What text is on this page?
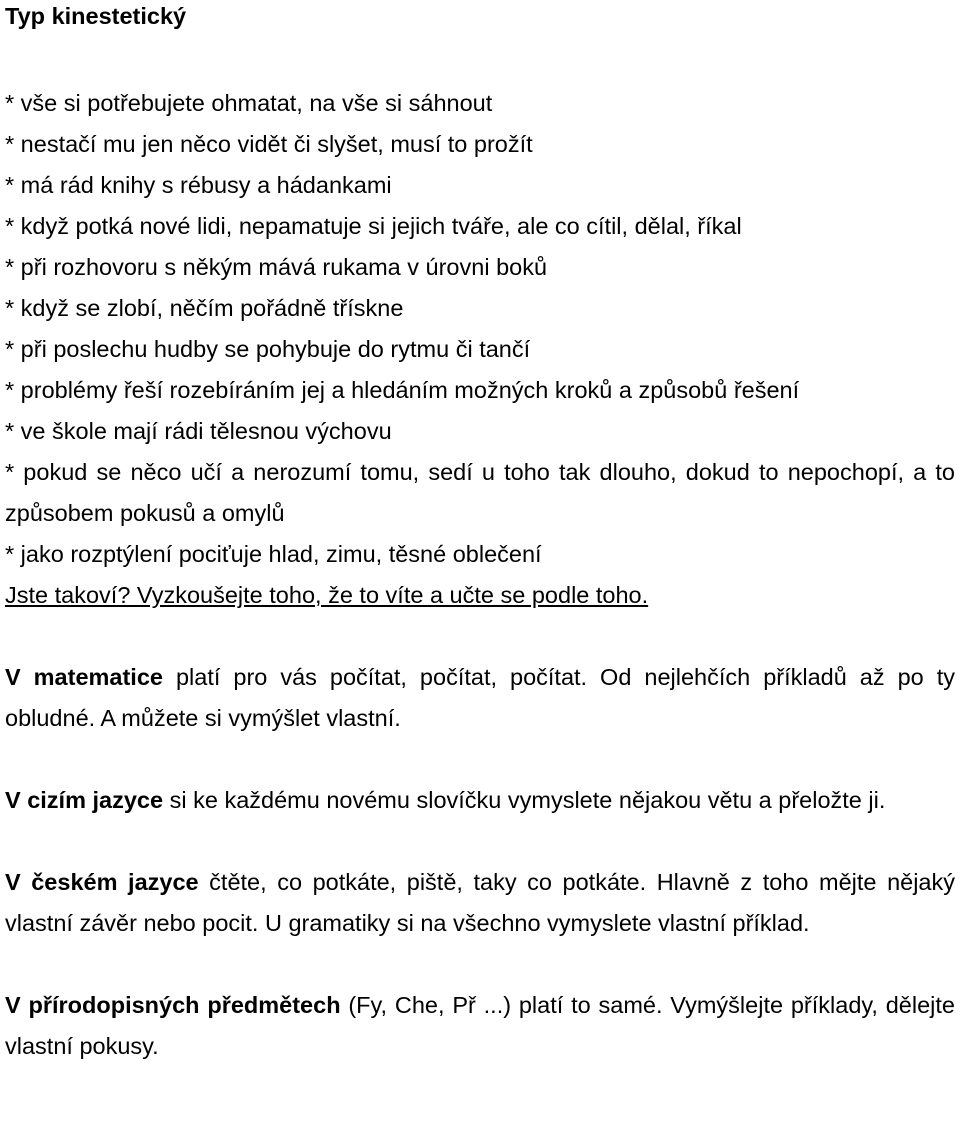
Typ kinestetický
* vše si potřebujete ohmatat, na vše si sáhnout
* nestačí mu jen něco vidět či slyšet, musí to prožít
* má rád knihy s rébusy a hádankami
* když potká nové lidi, nepamatuje si jejich tváře, ale co cítil, dělal, říkal
* při rozhovoru s někým mává rukama v úrovni boků
* když se zlobí, něčím pořádně třískne
* při poslechu hudby se pohybuje do rytmu či tančí
* problémy řeší rozebíráním jej a hledáním možných kroků a způsobů řešení
* ve škole mají rádi tělesnou výchovu
* pokud se něco učí a nerozumí tomu, sedí u toho tak dlouho, dokud to nepochopí, a to způsobem pokusů a omylů
* jako rozptýlení pociťuje hlad, zimu, těsné oblečení

Jste takoví? Vyzkoušejte toho, že to víte a učte se podle toho.

V matematice platí pro vás počítat, počítat, počítat. Od nejlehčích příkladů až po ty obludné. A můžete si vymýšlet vlastní.

V cizím jazyce si ke každému novému slovíčku vymyslete nějakou větu a přeložte ji.

V českém jazyce čtěte, co potkáte, piště, taky co potkáte. Hlavně z toho mějte nějaký vlastní závěr nebo pocit. U gramatiky si na všechno vymyslete vlastní příklad.

V přírodopisných předmětech (Fy, Che, Př ...) platí to samé. Vymýšlejte příklady, dělejte vlastní pokusy.
